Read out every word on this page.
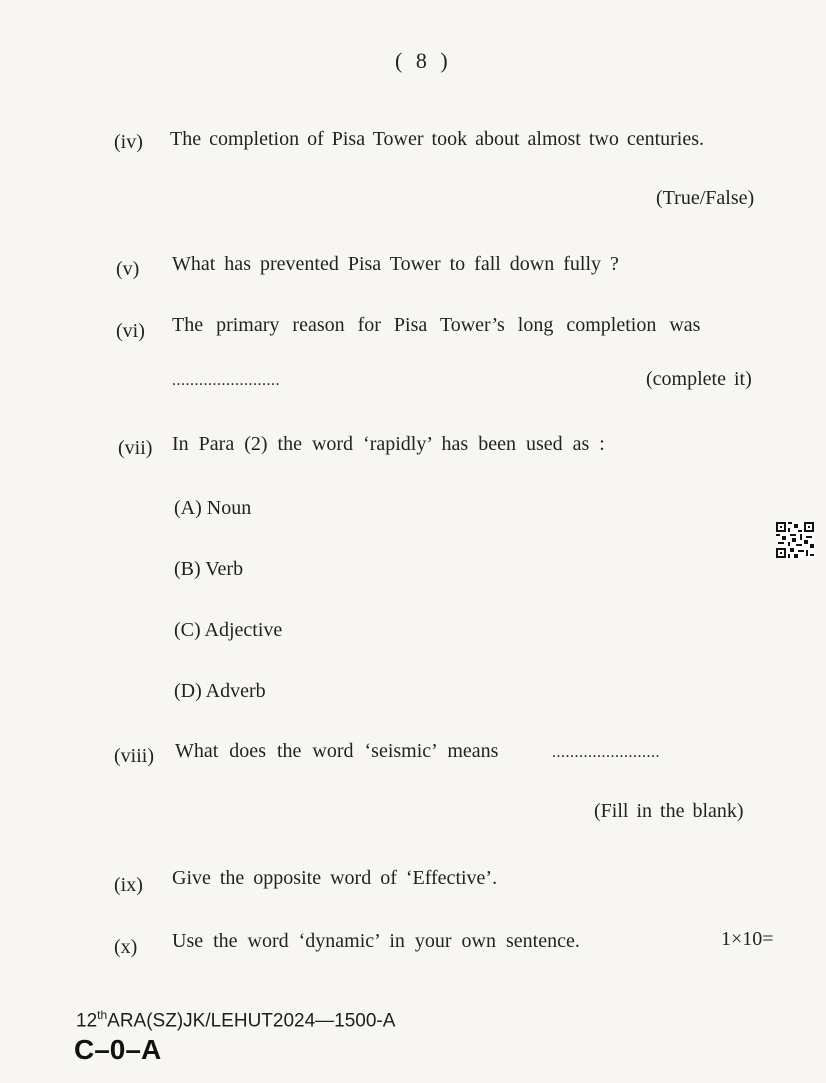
( 8 )
(iv) The completion of Pisa Tower took about almost two centuries.
(True/False)
(v) What has prevented Pisa Tower to fall down fully ?
(vi) The primary reason for Pisa Tower’s long completion was
........................	(complete it)
(vii) In Para (2) the word ‘rapidly’ has been used as :
(A) Noun
(B) Verb
(C) Adjective
(D) Adverb
(viii) What does the word ‘seismic’ means	........................
(Fill in the blank)
(ix) Give the opposite word of ‘Effective’.
(x) Use the word ‘dynamic’ in your own sentence.	1×10=
12thARA(SZ)JK/LEHUT2024—1500-A
C–0–A
